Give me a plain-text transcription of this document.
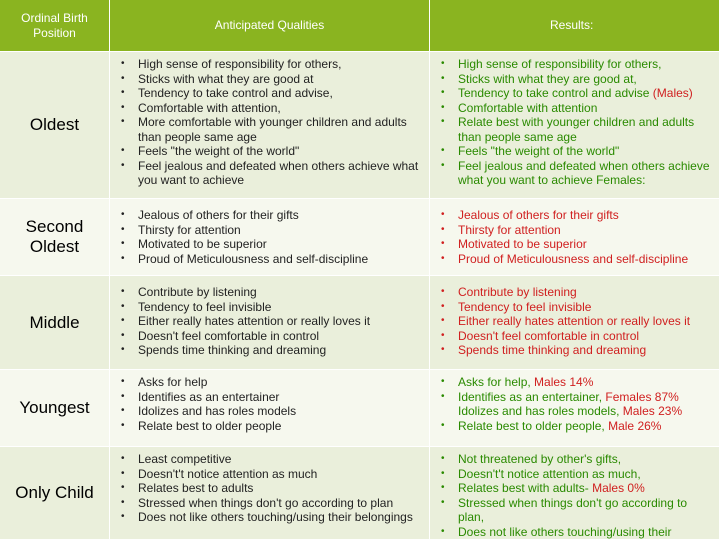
Ordinal Birth Position
Anticipated Qualities	Results:
Oldest
• High sense of responsibility for others,
• Sticks with what they are good at
• Tendency to take control and advise,
• Comfortable with attention,
• More comfortable with younger children and adults than people same age
• Feels "the weight of the world"
• Feel jealous and defeated when others achieve what you want to achieve
• High sense of responsibility for others,
• Sticks with what they are good at,
• Tendency to take control and advise (Males)
• Comfortable with attention
• Relate best with younger children and adults than people same age
• Feels "the weight of the world"
• Feel jealous and defeated when others achieve what you want to achieve Females:
Second Oldest
• Jealous of others for their gifts
• Thirsty for attention
• Motivated to be superior
• Proud of Meticulousness and self-discipline
• Jealous of others for their gifts
• Thirsty for attention
• Motivated to be superior
• Proud of Meticulousness and self-discipline
Middle
• Contribute by listening
• Tendency to feel invisible
• Either really hates attention or really loves it
• Doesn't feel comfortable in control
• Spends time thinking and dreaming
• Contribute by listening
• Tendency to feel invisible
• Either really hates attention or really loves it
• Doesn't feel comfortable in control
• Spends time thinking and dreaming
Youngest
• Asks for help
• Identifies as an entertainer
• Idolizes and has roles models
• Relate best to older people
• Asks for help, Males 14%
• Identifies as an entertainer, Females 87%
Idolizes and has roles models, Males 23%
• Relate best to older people, Male 26%
Only Child
• Least competitive
• Doesn't't notice attention as much
• Relates best to adults
• Stressed when things don't go according to plan
• Does not like others touching/using their belongings
• Not threatened by other's gifts,
• Doesn't't notice attention as much,
• Relates best with adults- Males 0%
• Stressed when things don't go according to plan,
• Does not like others touching/using their
